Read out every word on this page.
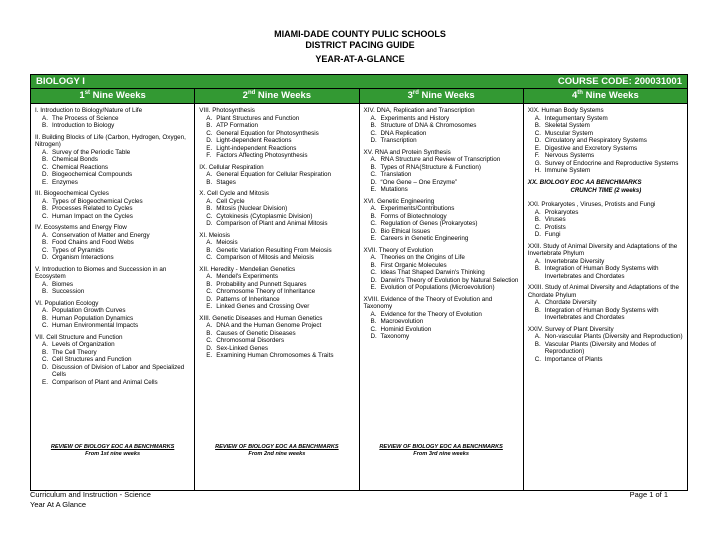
MIAMI-DADE COUNTY PULIC SCHOOLS
DISTRICT PACING GUIDE
YEAR-AT-A-GLANCE
BIOLOGY I	COURSE CODE: 200031001
1st Nine Weeks	2nd Nine Weeks	3rd Nine Weeks	4th Nine Weeks
I. Introduction to Biology/Nature of Life
A. The Process of Science
B. Introduction to Biology
II. Building Blocks of Life (Carbon, Hydrogen, Oxygen, Nitrogen)
A. Survey of the Periodic Table
B. Chemical Bonds
C. Chemical Reactions
D. Biogeochemical Compounds
E. Enzymes
III. Biogeochemical Cycles
A. Types of Biogeochemical Cycles
B. Processes Related to Cycles
C. Human Impact on the Cycles
IV. Ecosystems and Energy Flow
A. Conservation of Matter and Energy
B. Food Chains and Food Webs
C. Types of Pyramids
D. Organism Interactions
V. Introduction to Biomes and Succession in an Ecosystem
A. Biomes
B. Succession
VI. Population Ecology
A. Population Growth Curves
B. Human Population Dynamics
C. Human Environmental Impacts
VII. Cell Structure and Function
A. Levels of Organization
B. The Cell Theory
C. Cell Structures and Function
D. Discussion of Division of Labor and Specialized Cells
E. Comparison of Plant and Animal Cells
REVIEW OF BIOLOGY EOC AA BENCHMARKS
From 1st nine weeks
VIII. Photosynthesis
A. Plant Structures and Function
B. ATP Formation
C. General Equation for Photosynthesis
D. Light-dependent Reactions
E. Light-independent Reactions
F. Factors Affecting Photosynthesis
IX. Cellular Respiration
A. General Equation for Cellular Respiration
B. Stages
X. Cell Cycle and Mitosis
A. Cell Cycle
B. Mitosis (Nuclear Division)
C. Cytokinesis (Cytoplasmic Division)
D. Comparison of Plant and Animal Mitosis
XI. Meiosis
A. Meiosis
B. Genetic Variation Resulting From Meiosis
C. Comparison of Mitosis and Meiosis
XII. Heredity - Mendelian Genetics
A. Mendel's Experiments
B. Probability and Punnett Squares
C. Chromosome Theory of Inheritance
D. Patterns of Inheritance
E. Linked Genes and Crossing Over
XIII. Genetic Diseases and Human Genetics
A. DNA and the Human Genome Project
B. Causes of Genetic Diseases
C. Chromosomal Disorders
D. Sex-Linked Genes
E. Examining Human Chromosomes & Traits
REVIEW OF BIOLOGY EOC AA BENCHMARKS
From 2nd nine weeks
XIV. DNA, Replication and Transcription
A. Experiments and History
B. Structure of DNA & Chromosomes
C. DNA Replication
D. Transcription
XV. RNA and Protein Synthesis
A. RNA Structure and Review of Transcription
B. Types of RNA(Structure & Function)
C. Translation
D. “One Gene – One Enzyme”
E. Mutations
XVI. Genetic Engineering
A. Experiments/Contributions
B. Forms of Biotechnology
C. Regulation of Genes (Prokaryotes)
D. Bio Ethical Issues
E. Careers in Genetic Engineering
XVII. Theory of Evolution
A. Theories on the Origins of Life
B. First Organic Molecules
C. Ideas That Shaped Darwin's Thinking
D. Darwin's Theory of Evolution by Natural Selection
E. Evolution of Populations (Microevolution)
XVIII. Evidence of the Theory of Evolution and Taxonomy
A. Evidence for the Theory of Evolution
B. Macroevolution
C. Hominid Evolution
D. Taxonomy
REVIEW OF BIOLOGY EOC AA BENCHMARKS
From 3rd nine weeks
XIX. Human Body Systems
A. Integumentary System
B. Skeletal System
C. Muscular System
D. Circulatory and Respiratory Systems
E. Digestive and Excretory Systems
F. Nervous Systems
G. Survey of Endocrine and Reproductive Systems
H. Immune System
XX. BIOLOGY EOC AA BENCHMARKS
CRUNCH TIME (2 weeks)
XXI. Prokaryotes , Viruses, Protists and Fungi
A. Prokaryotes
B. Viruses
C. Protists
D. Fungi
XXII. Study of Animal Diversity and Adaptations of the Invertebrate Phylum
A. Invertebrate Diversity
B. Integration of Human Body Systems with Invertebrates and Chordates
XXIII. Study of Animal Diversity and Adaptations of the Chordate Phylum
A. Chordate Diversity
B. Integration of Human Body Systems with Invertebrates and Chordates
XXIV. Survey of Plant Diversity
A. Non-vascular Plants (Diversity and Reproduction)
B. Vascular Plants (Diversity and Modes of Reproduction)
C. Importance of Plants
Curriculum and Instruction - Science
Year At A Glance
Page 1 of 1
